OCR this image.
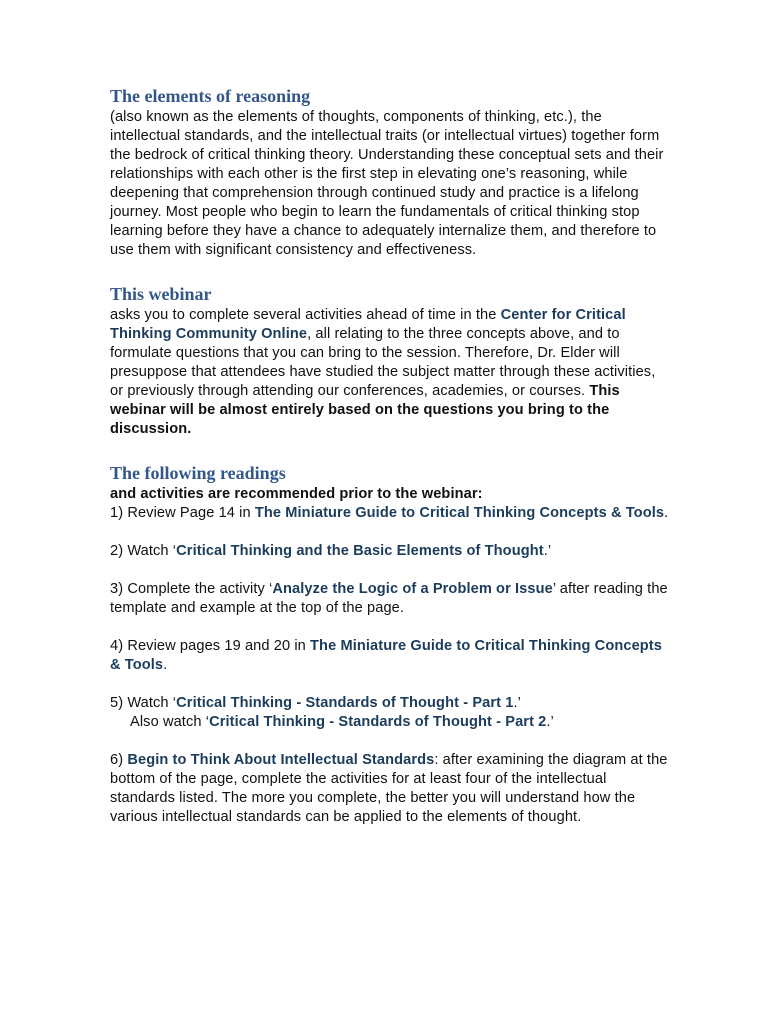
The elements of reasoning

(also known as the elements of thoughts, components of thinking, etc.), the intellectual standards, and the intellectual traits (or intellectual virtues) together form the bedrock of critical thinking theory. Understanding these conceptual sets and their relationships with each other is the first step in elevating one’s reasoning, while deepening that comprehension through continued study and practice is a lifelong journey. Most people who begin to learn the fundamentals of critical thinking stop learning before they have a chance to adequately internalize them, and therefore to use them with significant consistency and effectiveness.

This webinar

asks you to complete several activities ahead of time in the Center for Critical Thinking Community Online, all relating to the three concepts above, and to formulate questions that you can bring to the session. Therefore, Dr. Elder will presuppose that attendees have studied the subject matter through these activities, or previously through attending our conferences, academies, or courses. This webinar will be almost entirely based on the questions you bring to the discussion.

The following readings

and activities are recommended prior to the webinar:

1) Review Page 14 in The Miniature Guide to Critical Thinking Concepts & Tools.

2) Watch ‘Critical Thinking and the Basic Elements of Thought.’

3) Complete the activity ‘Analyze the Logic of a Problem or Issue’ after reading the template and example at the top of the page.

4) Review pages 19 and 20 in The Miniature Guide to Critical Thinking Concepts & Tools.

5) Watch ‘Critical Thinking - Standards of Thought - Part 1.’

Also watch ‘Critical Thinking - Standards of Thought - Part 2.’

6) Begin to Think About Intellectual Standards: after examining the diagram at the bottom of the page, complete the activities for at least four of the intellectual standards listed. The more you complete, the better you will understand how the various intellectual standards can be applied to the elements of thought.
